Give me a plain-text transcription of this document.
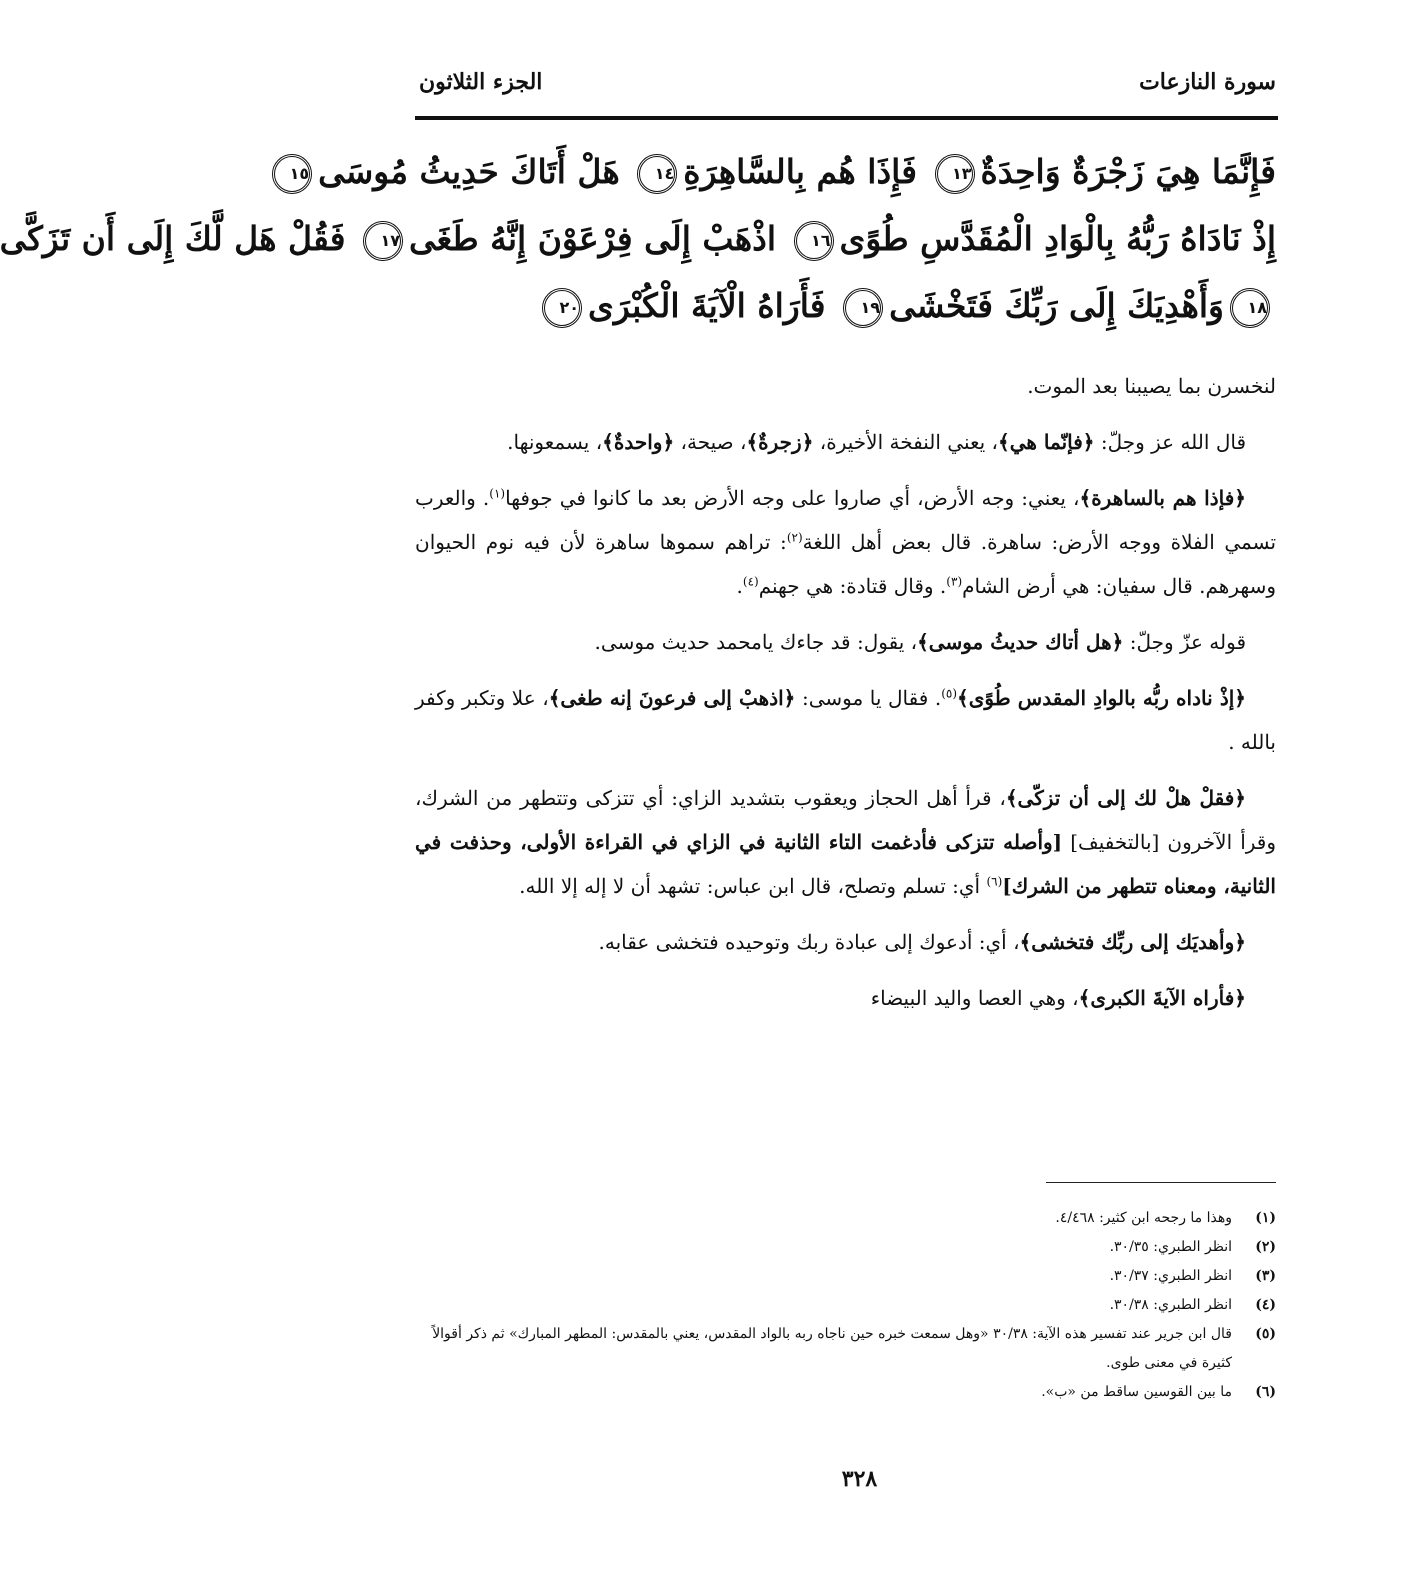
سورة النازعات
الجزء الثلاثون
فَإِنَّمَا هِيَ زَجْرَةٌ وَاحِدَةٌ١٣ فَإِذَا هُم بِالسَّاهِرَةِ١٤ هَلْ أَتَاكَ حَدِيثُ مُوسَى١٥
إِذْ نَادَاهُ رَبُّهُ بِالْوَادِ الْمُقَدَّسِ طُوًى١٦ اذْهَبْ إِلَى فِرْعَوْنَ إِنَّهُ طَغَى١٧ فَقُلْ هَل لَّكَ إِلَى أَن تَزَكَّى
١٨وَأَهْدِيَكَ إِلَى رَبِّكَ فَتَخْشَى١٩ فَأَرَاهُ الْآيَةَ الْكُبْرَى٢٠

لنخسرن بما يصيبنا بعد الموت.

قال الله عز وجلّ: ﴿فإنّما هي﴾، يعني النفخة الأخيرة، ﴿زجرةٌ﴾، صيحة، ﴿واحدةٌ﴾، يسمعونها.

﴿فإذا هم بالساهرة﴾، يعني: وجه الأرض، أي صاروا على وجه الأرض بعد ما كانوا في جوفها$^{(١)}$. والعرب تسمي الفلاة ووجه الأرض: ساهرة. قال بعض أهل اللغة$^{(٢)}$: تراهم سموها ساهرة لأن فيه نوم الحيوان وسهرهم. قال سفيان: هي أرض الشام$^{(٣)}$. وقال قتادة: هي جهنم$^{(٤)}$.

قوله عزّ وجلّ: ﴿هل أتاك حديثُ موسى﴾، يقول: قد جاءك يامحمد حديث موسى.

﴿إذْ ناداه ربُّه بالوادِ المقدس طُوًى﴾$^{(٥)}$. فقال يا موسى: ﴿اذهبْ إلى فرعونَ إنه طغى﴾، علا وتكبر وكفر بالله .

﴿فقلْ هلْ لك إلى أن تزكّى﴾، قرأ أهل الحجاز ويعقوب بتشديد الزاي: أي تتزكى وتتطهر من الشرك، وقرأ الآخرون [بالتخفيف] [وأصله تتزكى فأدغمت التاء الثانية في الزاي في القراءة الأولى، وحذفت في الثانية، ومعناه تتطهر من الشرك]$^{(٦)}$ أي: تسلم وتصلح، قال ابن عباس: تشهد أن لا إله إلا الله.

﴿وأهديَك إلى ربِّك فتخشى﴾، أي: أدعوك إلى عبادة ربك وتوحيده فتخشى عقابه.

﴿فأراه الآيةَ الكبرى﴾، وهي العصا واليد البيضاء

(١)
وهذا ما رجحه ابن كثير: ٤/٤٦٨.
(٢)
انظر الطبري: ٣٠/٣٥.
(٣)
انظر الطبري: ٣٠/٣٧.
(٤)
انظر الطبري: ٣٠/٣٨.
(٥)
قال ابن جرير عند تفسير هذه الآية: ٣٠/٣٨ «وهل سمعت خبره حين ناجاه ربه بالواد المقدس، يعني بالمقدس: المطهر المبارك» ثم ذكر أقوالاً كثيرة في معنى طوى.
(٦)
ما بين القوسين ساقط من «ب».
٣٢٨
